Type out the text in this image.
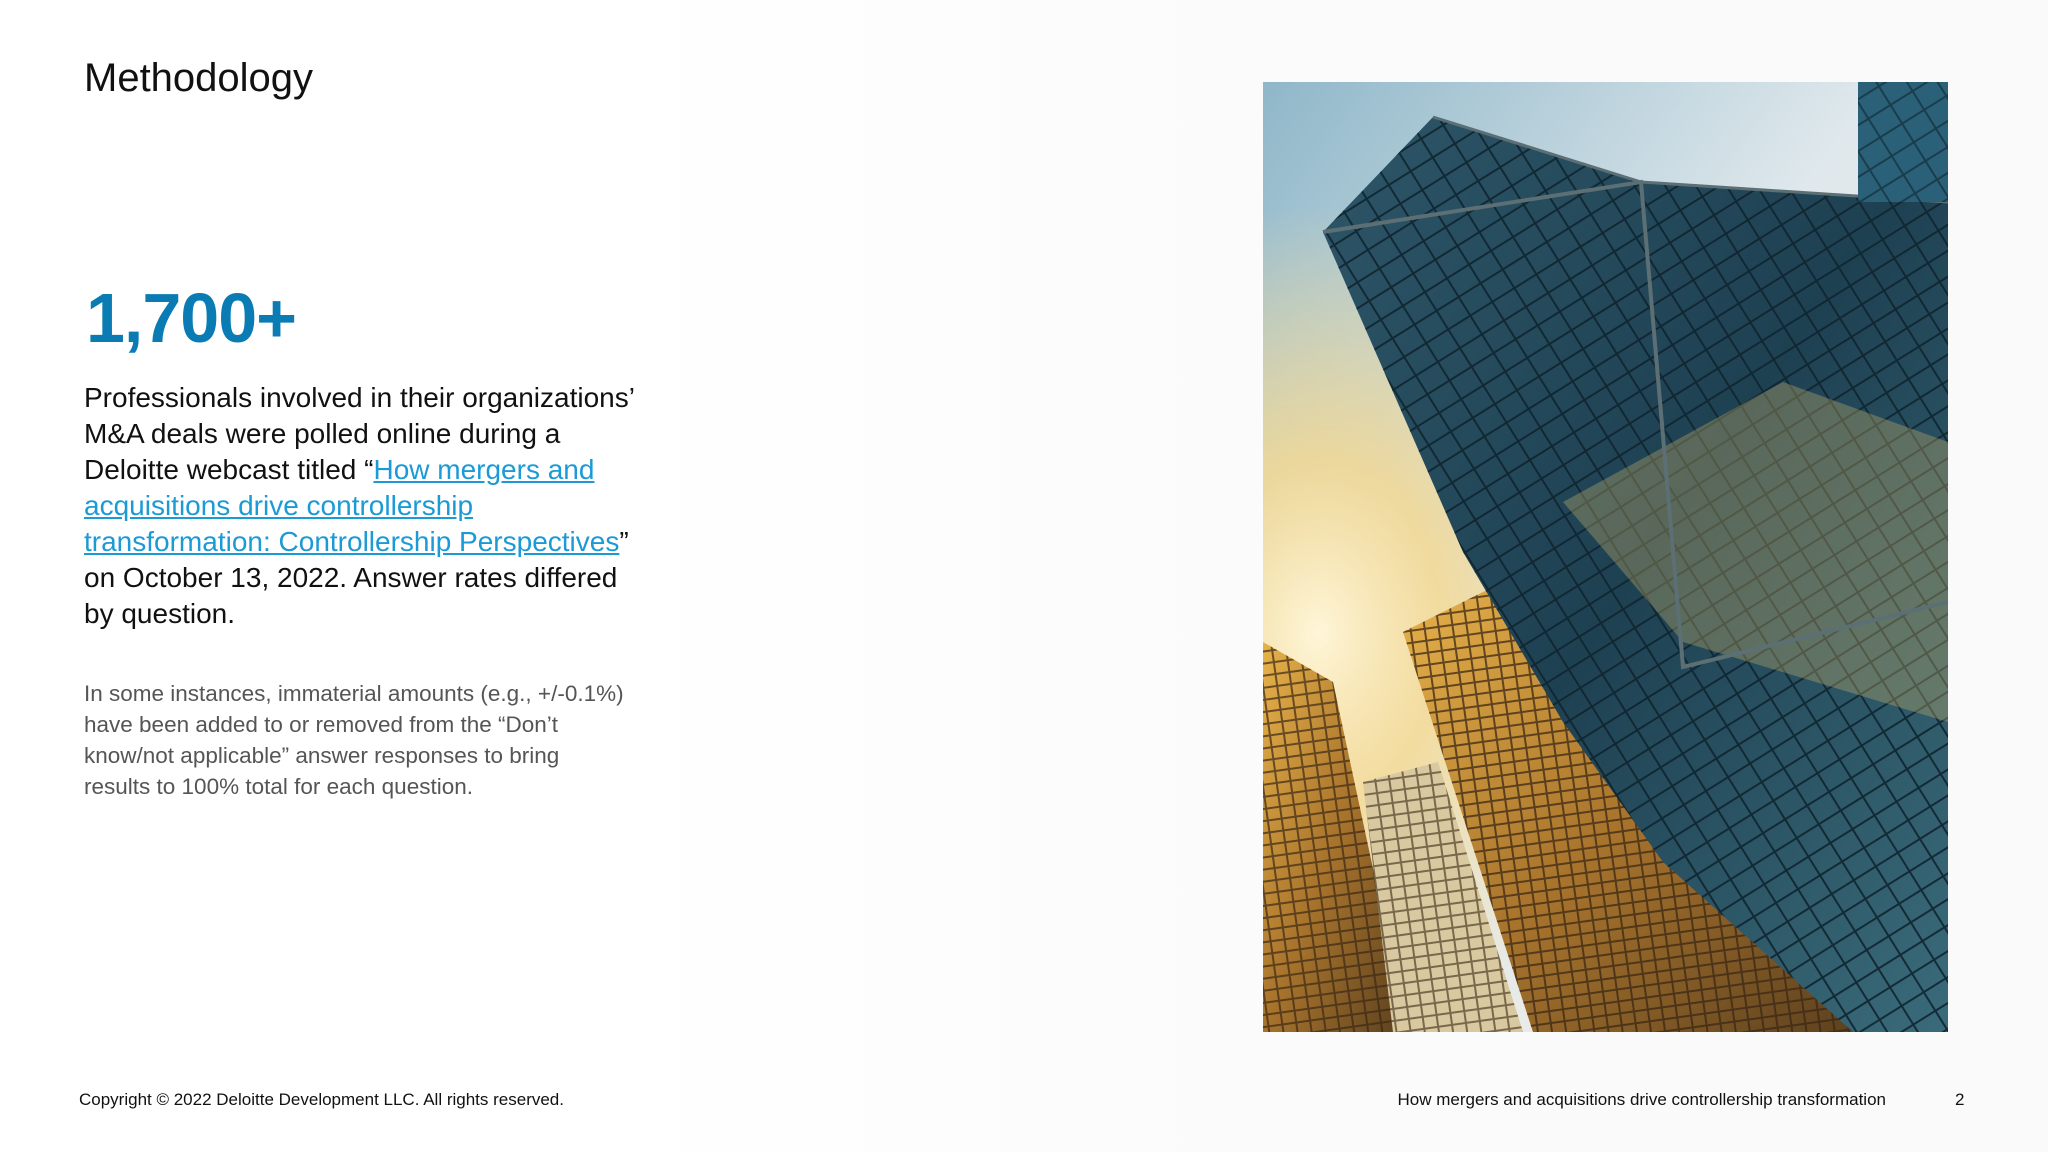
Methodology
1,700+

Professionals involved in their organizations’ M&A deals were polled online during a Deloitte webcast titled “How mergers and acquisitions drive controllership transformation: Controllership Perspectives” on October 13, 2022. Answer rates differed by question.

In some instances, immaterial amounts (e.g., +/-0.1%) have been added to or removed from the “Don’t know/not applicable” answer responses to bring results to 100% total for each question.

Copyright © 2022 Deloitte Development LLC. All rights reserved.	How mergers and acquisitions drive controllership transformation	2
